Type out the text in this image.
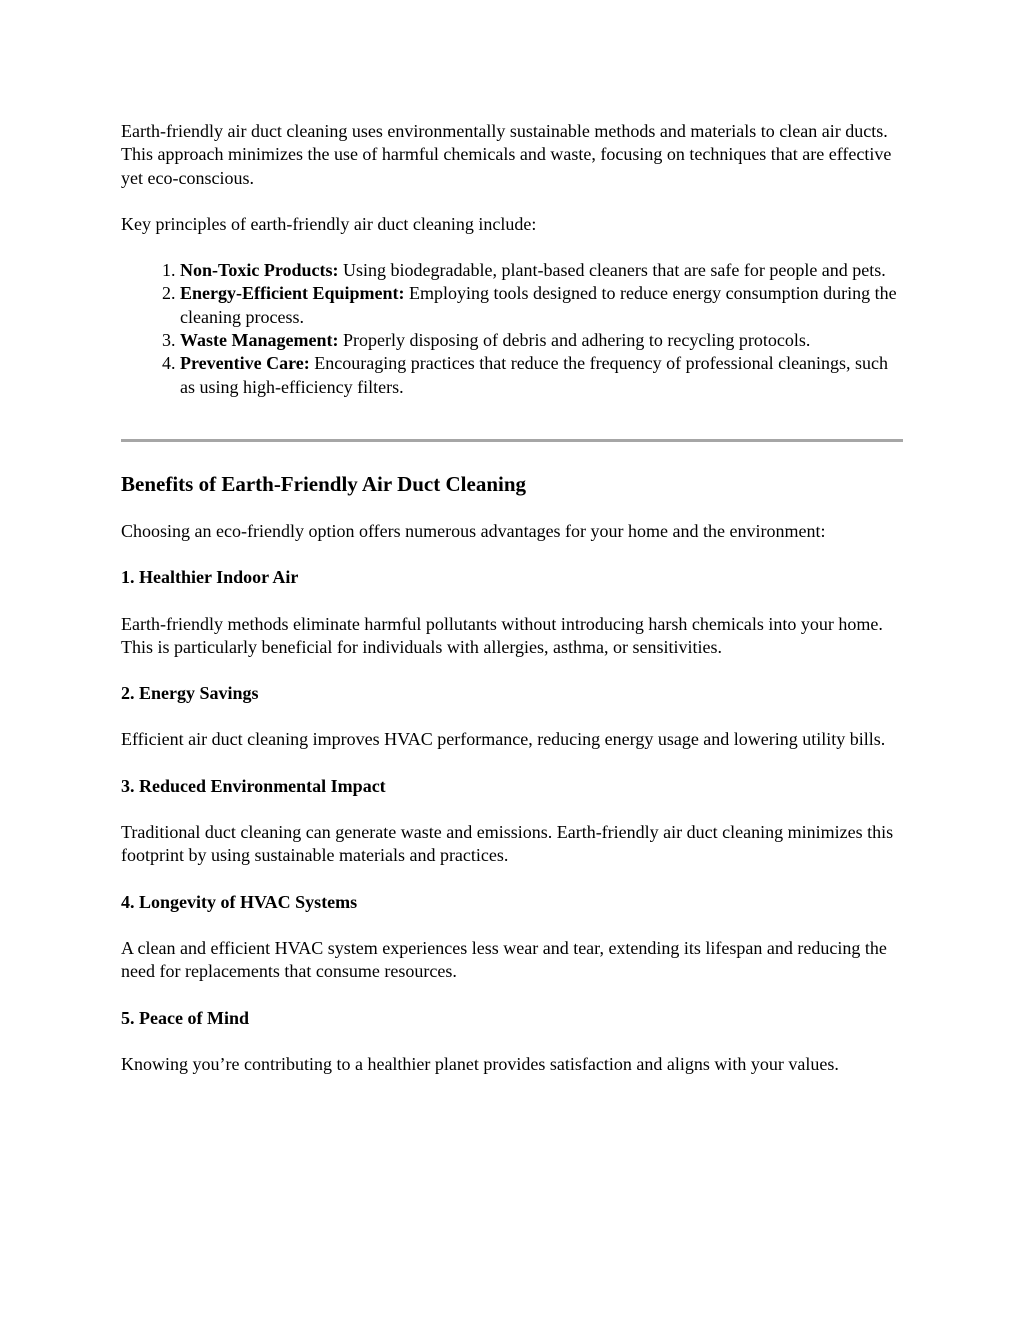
Earth-friendly air duct cleaning uses environmentally sustainable methods and materials to clean air ducts. This approach minimizes the use of harmful chemicals and waste, focusing on techniques that are effective yet eco-conscious.

Key principles of earth-friendly air duct cleaning include:

1. Non-Toxic Products: Using biodegradable, plant-based cleaners that are safe for people and pets.
2. Energy-Efficient Equipment: Employing tools designed to reduce energy consumption during the cleaning process.
3. Waste Management: Properly disposing of debris and adhering to recycling protocols.
4. Preventive Care: Encouraging practices that reduce the frequency of professional cleanings, such as using high-efficiency filters.
Benefits of Earth-Friendly Air Duct Cleaning

Choosing an eco-friendly option offers numerous advantages for your home and the environment:

1. Healthier Indoor Air

Earth-friendly methods eliminate harmful pollutants without introducing harsh chemicals into your home. This is particularly beneficial for individuals with allergies, asthma, or sensitivities.

2. Energy Savings

Efficient air duct cleaning improves HVAC performance, reducing energy usage and lowering utility bills.

3. Reduced Environmental Impact

Traditional duct cleaning can generate waste and emissions. Earth-friendly air duct cleaning minimizes this footprint by using sustainable materials and practices.

4. Longevity of HVAC Systems

A clean and efficient HVAC system experiences less wear and tear, extending its lifespan and reducing the need for replacements that consume resources.

5. Peace of Mind

Knowing you’re contributing to a healthier planet provides satisfaction and aligns with your values.
